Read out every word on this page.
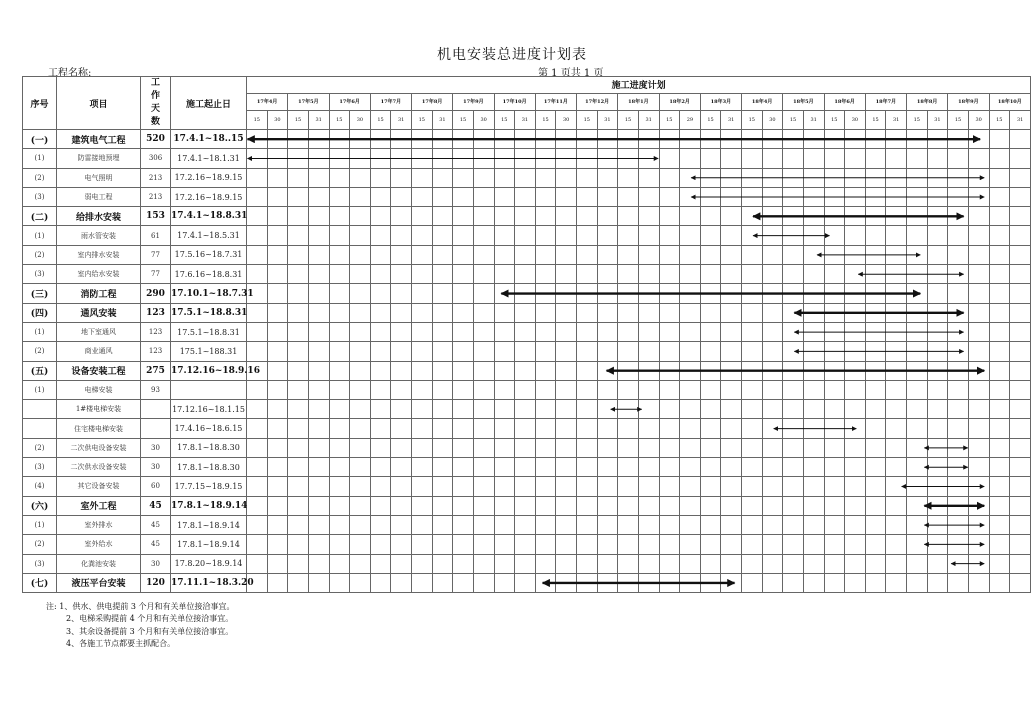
机电安装总进度计划表
工程名称:	第 1 页共 1 页
序号	项目	工作天数	施工起止日	施工进度计划																																					
				17年4月		17年5月		17年6月		17年7月		17年8月		17年9月		17年10月		17年11月		17年12月		18年1月		18年2月		18年3月		18年4月		18年5月		18年6月		18年7月		18年8月		18年9月		18年10月	
				15	30	15	31	15	30	15	31	15	31	15	30	15	31	15	30	15	31	15	31	15	29	15	31	15	30	15	31	15	30	15	31	15	31	15	30	15	31
(一)	建筑电气工程	520	17.4.1~18..15																																						
(1)	防雷接地预埋	306	17.4.1~18.1.31																																						
(2)	电气照明	213	17.2.16~18.9.15																																						
(3)	弱电工程	213	17.2.16~18.9.15																																						
(二)	给排水安装	153	17.4.1~18.8.31																																						
(1)	雨水管安装	61	17.4.1~18.5.31																																						
(2)	室内排水安装	77	17.5.16~18.7.31																																						
(3)	室内给水安装	77	17.6.16~18.8.31																																						
(三)	消防工程	290	17.10.1~18.7.31																																						
(四)	通风安装	123	17.5.1~18.8.31																																						
(1)	地下室通风	123	17.5.1~18.8.31																																						
(2)	商业通风	123	175.1~188.31																																						
(五)	设备安装工程	275	17.12.16~18.9.16																																						
(1)	电梯安装	93																																							
	1#楼电梯安装		17.12.16~18.1.15																																						
	住宅楼电梯安装		17.4.16~18.6.15																																						
(2)	二次供电设备安装	30	17.8.1~18.8.30																																						
(3)	二次供水设备安装	30	17.8.1~18.8.30																																						
(4)	其它设备安装	60	17.7.15~18.9.15																																						
(六)	室外工程	45	17.8.1~18.9.14																																						
(1)	室外排水	45	17.8.1~18.9.14																																						
(2)	室外给水	45	17.8.1~18.9.14																																						
(3)	化粪池安装	30	17.8.20~18.9.14																																						
(七)	液压平台安装	120	17.11.1~18.3.20																																						
注: 1、供水、供电提前 3 个月和有关单位接洽事宜。
2、电梯采购提前 4 个月和有关单位接洽事宜。
3、其余设备提前 3 个月和有关单位接洽事宜。
4、各施工节点都要主抓配合。
